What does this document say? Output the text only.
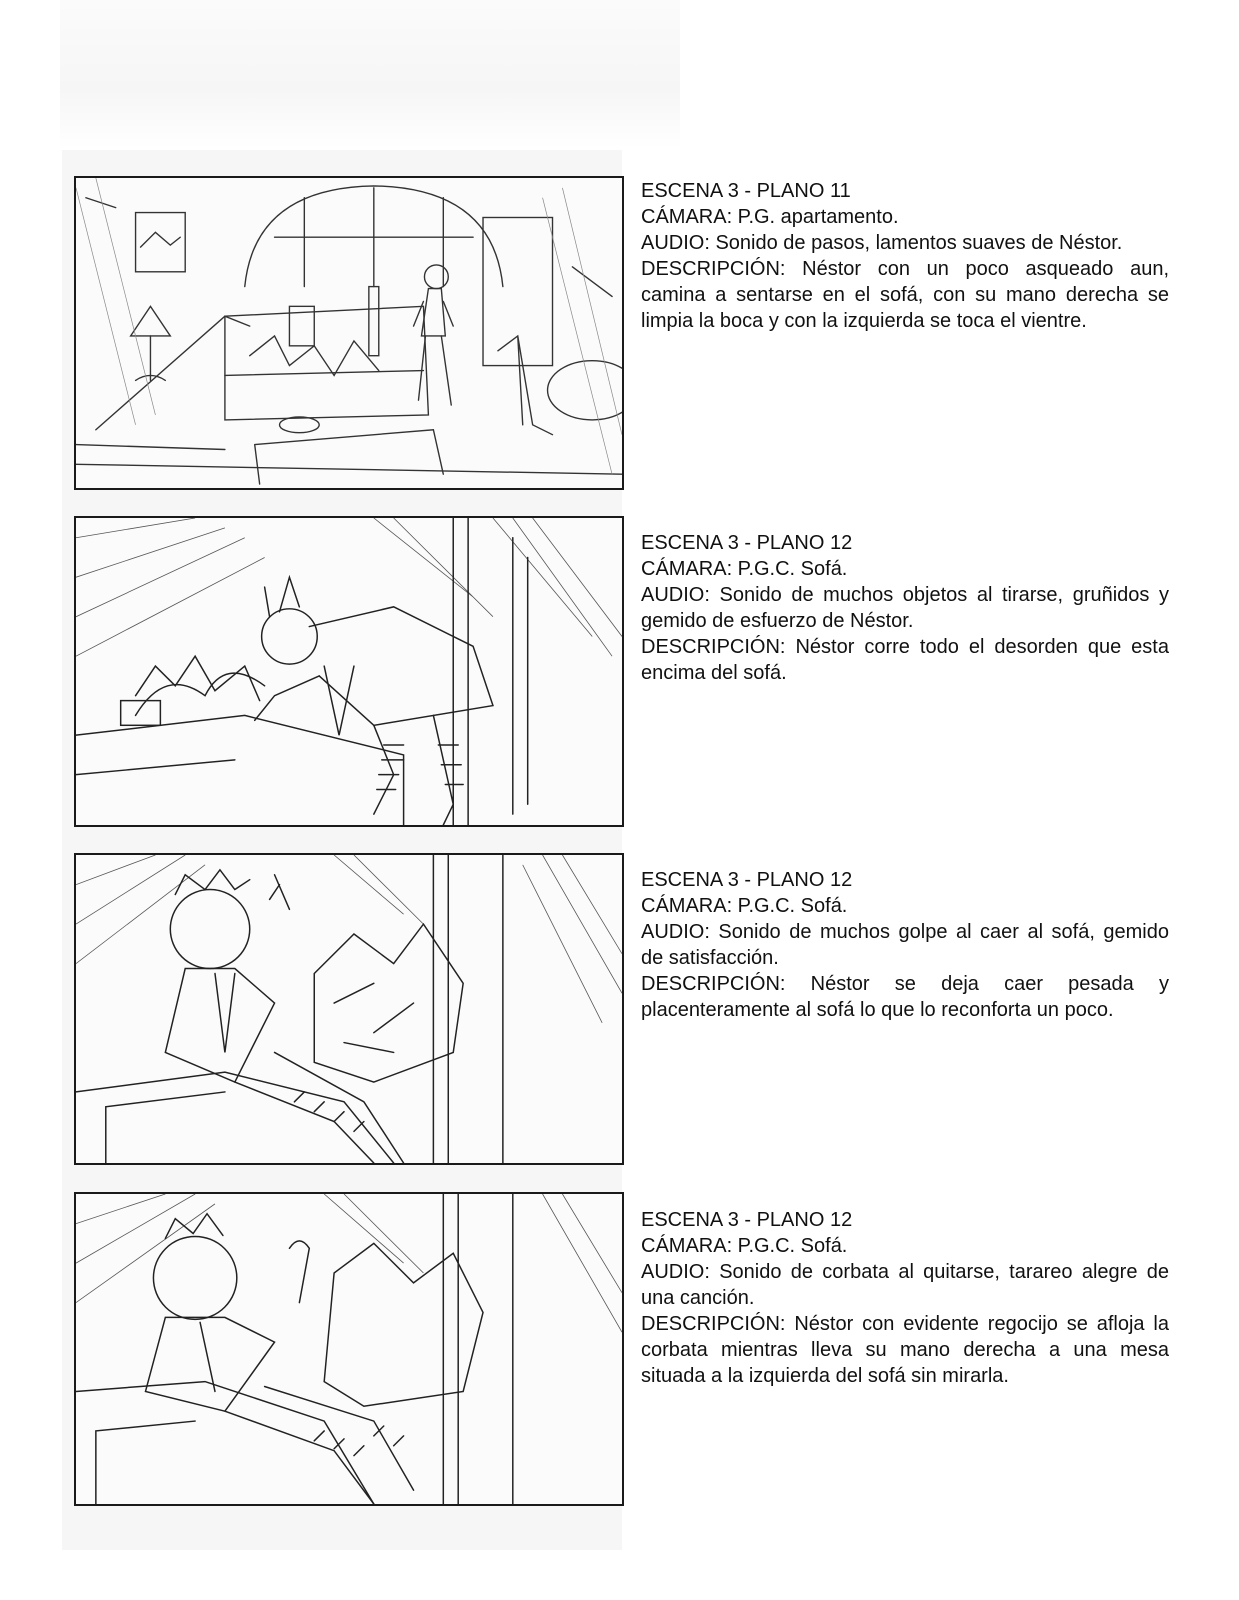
ESCENA 3 - PLANO 11

CÁMARA: P.G. apartamento.

AUDIO: Sonido de pasos, lamentos suaves de Néstor.

DESCRIPCIÓN: Néstor con un poco asqueado aun, camina a sentarse en el sofá, con su mano derecha se limpia la boca y con la izquierda se toca el vientre.

ESCENA 3 - PLANO 12

CÁMARA: P.G.C. Sofá.

AUDIO: Sonido de muchos objetos al tirarse, gruñidos y gemido de esfuerzo de Néstor.

DESCRIPCIÓN: Néstor corre todo el desorden que esta encima del sofá.

ESCENA 3 - PLANO 12

CÁMARA: P.G.C. Sofá.

AUDIO: Sonido de muchos golpe al caer al sofá, gemido de satisfacción.

DESCRIPCIÓN: Néstor se deja caer pesada y placenteramente al sofá lo que lo reconforta un poco.

ESCENA 3 - PLANO 12

CÁMARA: P.G.C. Sofá.

AUDIO: Sonido de corbata al quitarse, tarareo alegre de una canción.

DESCRIPCIÓN: Néstor con evidente regocijo se afloja la corbata mientras lleva su mano derecha a una mesa situada a la izquierda del sofá sin mirarla.
